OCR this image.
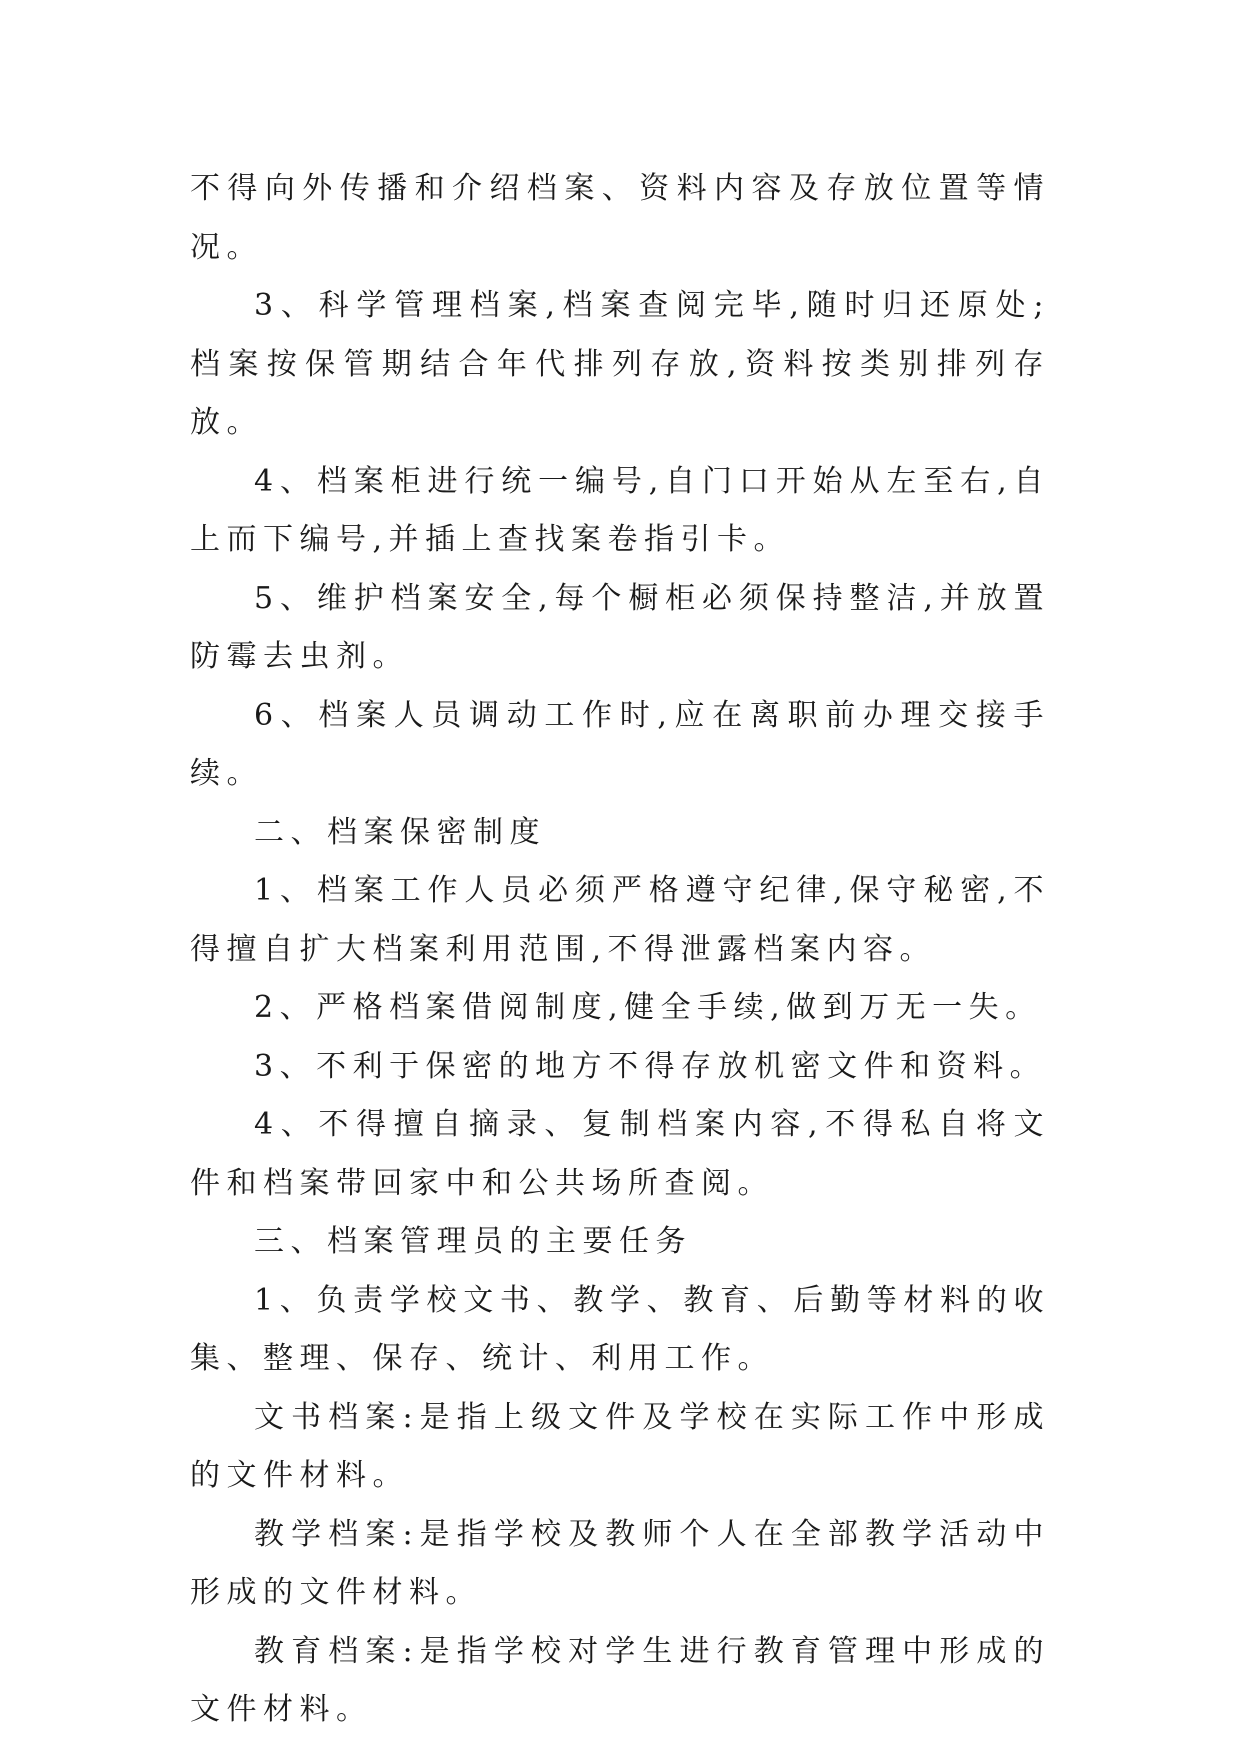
不得向外传播和介绍档案、资料内容及存放位置等情况。

3、科学管理档案,档案查阅完毕,随时归还原处;档案按保管期结合年代排列存放,资料按类别排列存放。

4、档案柜进行统一编号,自门口开始从左至右,自上而下编号,并插上查找案卷指引卡。

5、维护档案安全,每个橱柜必须保持整洁,并放置防霉去虫剂。

6、档案人员调动工作时,应在离职前办理交接手续。

二、档案保密制度

1、档案工作人员必须严格遵守纪律,保守秘密,不得擅自扩大档案利用范围,不得泄露档案内容。

2、严格档案借阅制度,健全手续,做到万无一失。

3、不利于保密的地方不得存放机密文件和资料。

4、不得擅自摘录、复制档案内容,不得私自将文件和档案带回家中和公共场所查阅。

三、档案管理员的主要任务

1、负责学校文书、教学、教育、后勤等材料的收集、整理、保存、统计、利用工作。

文书档案:是指上级文件及学校在实际工作中形成的文件材料。

教学档案:是指学校及教师个人在全部教学活动中形成的文件材料。

教育档案:是指学校对学生进行教育管理中形成的文件材料。
